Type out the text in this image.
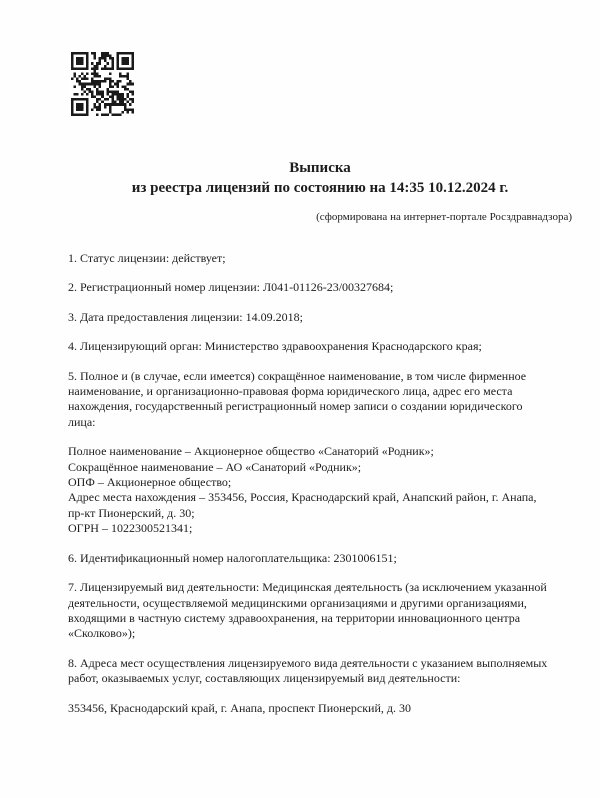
Выписка
из реестра лицензий по состоянию на 14:35 10.12.2024 г.
(сформирована на интернет-портале Росздравнадзора)

1. Статус лицензии: действует;

2. Регистрационный номер лицензии: Л041-01126-23/00327684;

3. Дата предоставления лицензии: 14.09.2018;

4. Лицензирующий орган: Министерство здравоохранения Краснодарского края;

5. Полное и (в случае, если имеется) сокращённое наименование, в том числе фирменное наименование, и организационно-правовая форма юридического лица, адрес его места нахождения, государственный регистрационный номер записи о создании юридического лица:

Полное наименование – Акционерное общество «Санаторий «Родник»;
Сокращённое наименование – АО «Санаторий «Родник»;
ОПФ – Акционерное общество;
Адрес места нахождения – 353456, Россия, Краснодарский край, Анапский район, г. Анапа, пр-кт Пионерский, д. 30;
ОГРН – 1022300521341;

6. Идентификационный номер налогоплательщика: 2301006151;

7. Лицензируемый вид деятельности: Медицинская деятельность (за исключением указанной деятельности, осуществляемой медицинскими организациями и другими организациями, входящими в частную систему здравоохранения, на территории инновационного центра «Сколково»);

8. Адреса мест осуществления лицензируемого вида деятельности с указанием выполняемых работ, оказываемых услуг, составляющих лицензируемый вид деятельности:

353456, Краснодарский край, г. Анапа, проспект Пионерский, д. 30
